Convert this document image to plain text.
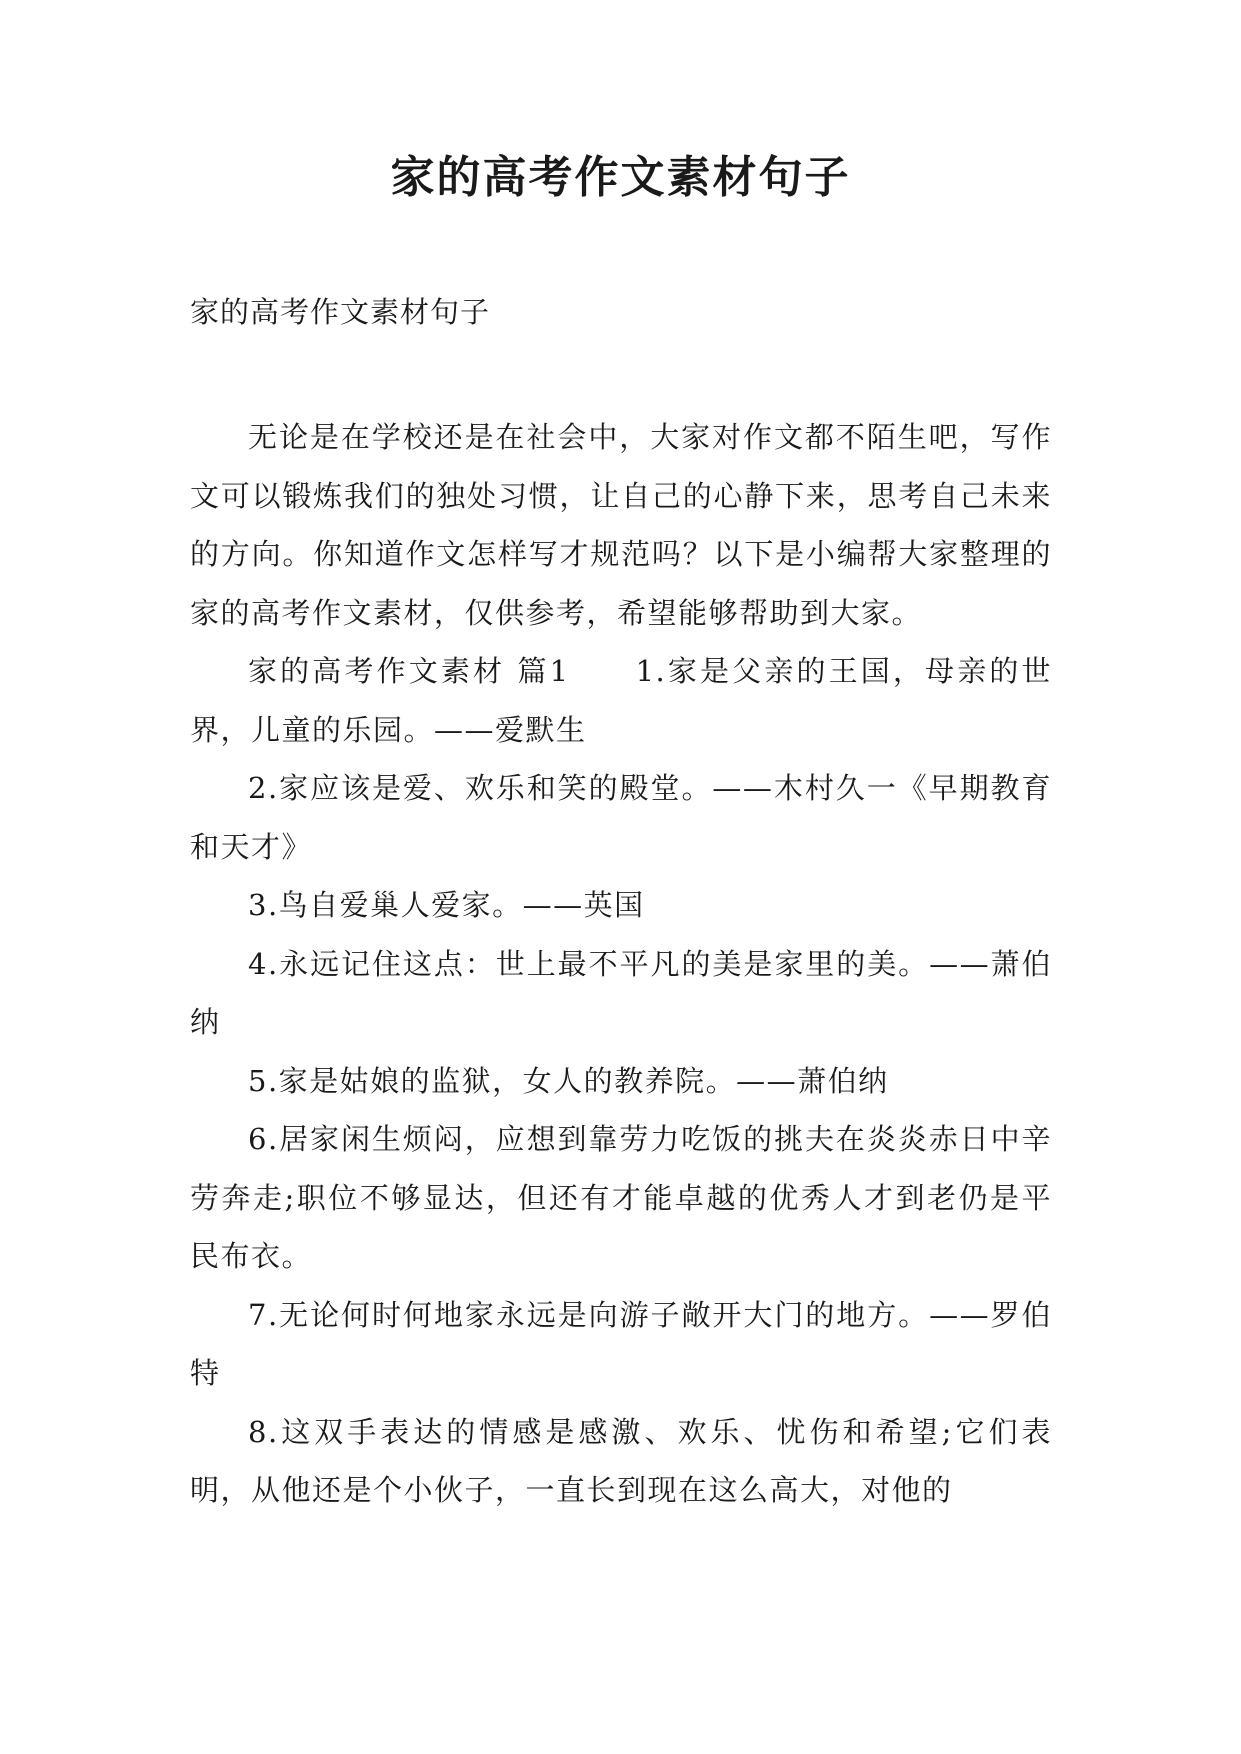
家的高考作文素材句子
家的高考作文素材句子

无论是在学校还是在社会中，大家对作文都不陌生吧，写作文可以锻炼我们的独处习惯，让自己的心静下来，思考自己未来的方向。你知道作文怎样写才规范吗？以下是小编帮大家整理的家的高考作文素材，仅供参考，希望能够帮助到大家。

家的高考作文素材 篇1　　1.家是父亲的王国，母亲的世界，儿童的乐园。——爱默生

2.家应该是爱、欢乐和笑的殿堂。——木村久一《早期教育和天才》

3.鸟自爱巢人爱家。——英国

4.永远记住这点：世上最不平凡的美是家里的美。——萧伯纳

5.家是姑娘的监狱，女人的教养院。——萧伯纳

6.居家闲生烦闷，应想到靠劳力吃饭的挑夫在炎炎赤日中辛劳奔走;职位不够显达，但还有才能卓越的优秀人才到老仍是平民布衣。

7.无论何时何地家永远是向游子敞开大门的地方。——罗伯特

8.这双手表达的情感是感激、欢乐、忧伤和希望;它们表明，从他还是个小伙子，一直长到现在这么高大，对他的
